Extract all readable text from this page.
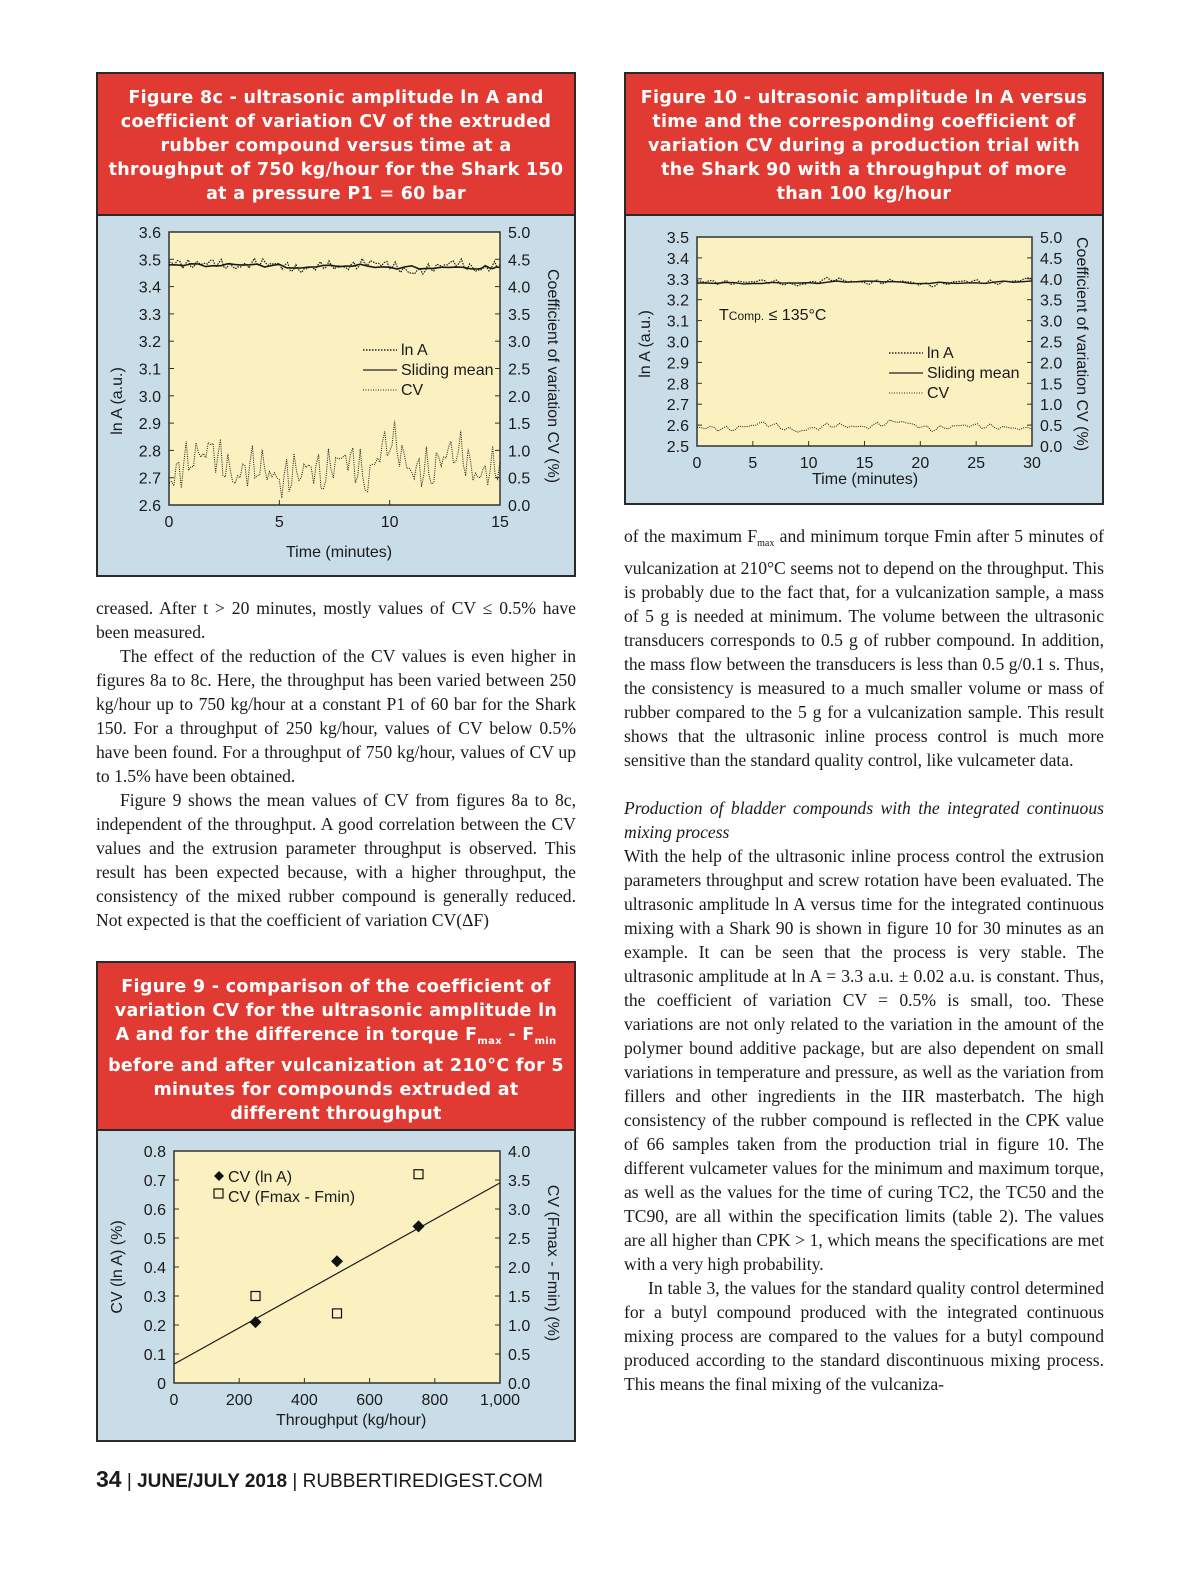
Figure 8c - ultrasonic amplitude ln A and coefficient of variation CV of the extruded rubber compound versus time at a throughput of 750 kg/hour for the Shark 150 at a pressure P1 = 60 bar
0	5	10	15
2.6
2.7
2.8
2.9
3.0
3.1
3.2
3.3
3.4
3.5
3.6
0.0
0.5
1.0
1.5
2.0
2.5
3.0
3.5
4.0
4.5
5.0
Time (minutes)
ln A (a.u.)	Coefficient of variation CV (%)
ln A
Sliding mean
CV

creased. After t > 20 minutes, mostly values of CV ≤ 0.5% have been measured.

The effect of the reduction of the CV values is even higher in figures 8a to 8c. Here, the throughput has been varied between 250 kg/hour up to 750 kg/hour at a constant P1 of 60 bar for the Shark 150. For a throughput of 250 kg/hour, values of CV below 0.5% have been found. For a throughput of 750 kg/hour, values of CV up to 1.5% have been obtained.

Figure 9 shows the mean values of CV from figures 8a to 8c, independent of the throughput. A good correlation between the CV values and the extrusion parameter throughput is observed. This result has been expected because, with a higher throughput, the consistency of the mixed rubber compound is generally reduced. Not expected is that the coefficient of variation CV(ΔF)

Figure 9 - comparison of the coefficient of variation CV for the ultrasonic amplitude ln A and for the difference in torque $F_{max} - F_{min}$ before and after vulcanization at 210°C for 5 minutes for compounds extruded at different throughput
0	200 400 600 800 1,000
0
0.1
0.2
0.3
0.4
0.5
0.6
0.7
0.8
0.0
0.5
1.0
1.5
2.0
2.5
3.0
3.5
4.0
Throughput (kg/hour)
CV (ln A) (%)	CV (Fmax - Fmin) (%)
CV (ln A)
CV (Fmax - Fmin)
Figure 10 - ultrasonic amplitude ln A versus time and the corresponding coefficient of variation CV during a production trial with the Shark 90 with a throughput of more than 100 kg/hour
0	5	10 15 20 25 30
2.5
2.6
2.7
2.8
2.9
3.0
3.1
3.2
3.3
3.4
3.5
0.0
0.5
1.0
1.5
2.0
2.5
3.0
3.5
4.0
4.5
5.0
Time (minutes)
ln A (a.u.)	Coefficient of variation CV (%)
TComp. ≤ 135°C
ln A
Sliding mean
CV

of the maximum $F_{max}$ and minimum torque Fmin after 5 minutes of vulcanization at 210°C seems not to depend on the throughput. This is probably due to the fact that, for a vulcanization sample, a mass of 5 g is needed at minimum. The volume between the ultrasonic transducers corresponds to 0.5 g of rubber compound. In addition, the mass flow between the transducers is less than 0.5 g/0.1 s. Thus, the consistency is measured to a much smaller volume or mass of rubber compared to the 5 g for a vulcanization sample. This result shows that the ultrasonic inline process control is much more sensitive than the standard quality control, like vulcameter data.

Production of bladder compounds with the integrated continuous mixing process

With the help of the ultrasonic inline process control the extrusion parameters throughput and screw rotation have been evaluated. The ultrasonic amplitude ln A versus time for the integrated continuous mixing with a Shark 90 is shown in figure 10 for 30 minutes as an example. It can be seen that the process is very stable. The ultrasonic amplitude at ln A = 3.3 a.u. ± 0.02 a.u. is constant. Thus, the coefficient of variation CV = 0.5% is small, too. These variations are not only related to the variation in the amount of the polymer bound additive package, but are also dependent on small variations in temperature and pressure, as well as the variation from fillers and other ingredients in the IIR masterbatch. The high consistency of the rubber compound is reflected in the CPK value of 66 samples taken from the production trial in figure 10. The different vulcameter values for the minimum and maximum torque, as well as the values for the time of curing TC2, the TC50 and the TC90, are all within the specification limits (table 2). The values are all higher than CPK > 1, which means the specifications are met with a very high probability.

In table 3, the values for the standard quality control determined for a butyl compound produced with the integrated continuous mixing process are compared to the values for a butyl compound produced according to the standard discontinuous mixing process. This means the final mixing of the vulcaniza-

34 | JUNE/JULY 2018 | RUBBERTIREDIGEST.COM
